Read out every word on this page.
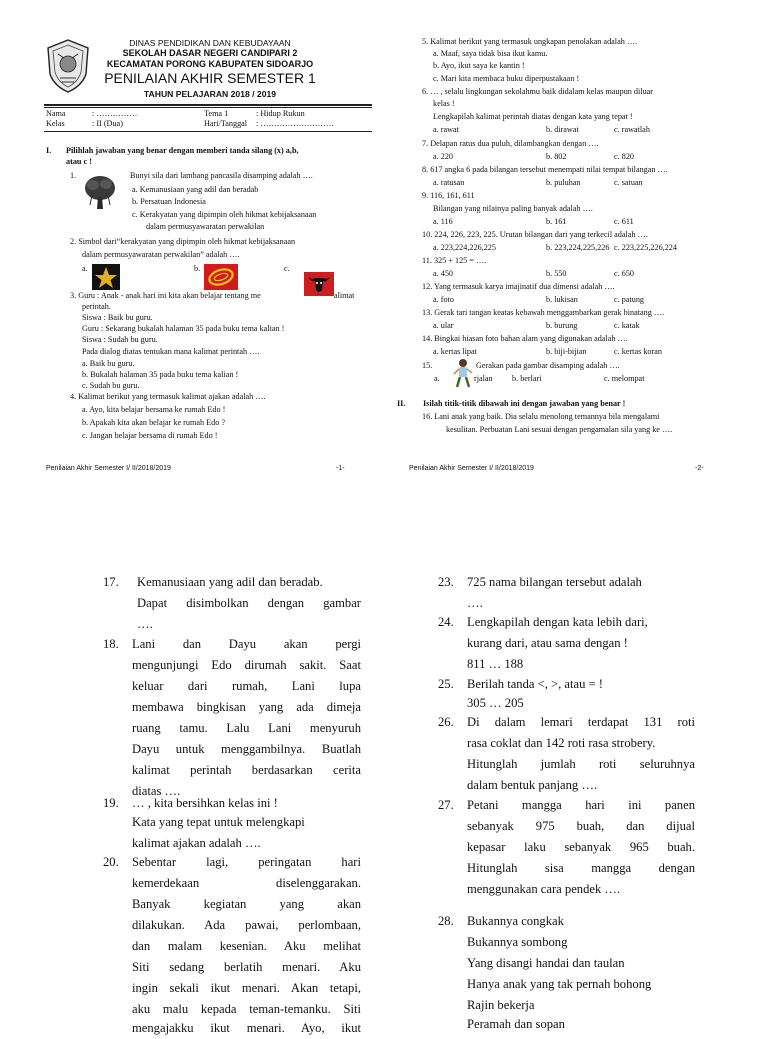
DINAS PENDIDIKAN DAN KEBUDAYAAN
SEKOLAH DASAR NEGERI CANDIPARI 2
KECAMATAN PORONG KABUPATEN SIDOARJO
PENILAIAN AKHIR SEMESTER 1
TAHUN PELAJARAN 2018 / 2019
Nama	: ……………
Kelas	: II (Dua)
Tema 1	: Hidup Rukun
Hari/Tanggal : ………………………
I. Pilihlah jawaban yang benar dengan memberi tanda silang (x) a,b,
atau c !
1.	Bunyi sila dari lambang pancasila disamping adalah ….
a. Kemanusiaan yang adil dan beradab
b. Persatuan Indonesia
c. Kerakyatan yang dipimpin oleh hikmat kebijaksanaan
dalam permusyawaratan perwakilan
2. Simbol dari“kerakyatan yang dipimpin oleh hikmat kebijaksanaan
dalam permusyawaratan perwakilan” adalah ….
a.	b.	c.
3. Guru : Anak - anak hari ini kita akan belajar tentang me	alimat
perintah.
Siswa : Baik bu guru.
Guru : Sekarang bukalah halaman 35 pada buku tema kalian !
Siswa : Sudah bu guru.
Pada dialog diatas tentukan mana kalimat perintah ….
a. Baik bu guru.
b. Bukalah halaman 35 pada buku tema kalian !
c. Sudah bu guru.
4. Kalimat berikut yang termasuk kalimat ajakan adalah ….
a. Ayo, kita belajar bersama ke rumah Edo !
b. Apakah kita akan belajar ke rumah Edo ?
c. Jangan belajar bersama di rumah Edo !
5. Kalimat berikut yang termasuk ungkapan penolakan adalah ….
a. Maaf, saya tidak bisa ikut kamu.
b. Ayo, ikut saya ke kantin !
c. Mari kita membaca buku diperpustakaan !
6. … , selalu lingkungan sekolahmu baik didalam kelas maupun diluar
kelas !
Lengkapilah kalimat perintah diatas dengan kata yang tepat !
a. rawat	b. dirawat	c. rawatlah
7. Delapan ratus dua puluh, dilambangkan dengan ….
a. 220	b. 802	c. 820
8. 617 angka 6 pada bilangan tersebut menempati nilai tempat bilangan ….
a. ratusan	b. puluhan	c. satuan
9. 116, 161, 611
Bilangan yang nilainya paling banyak adalah ….
a. 116	b. 161	c. 611
10. 224, 226, 223, 225. Urutan bilangan dari yang terkecil adalah ….
a. 223,224,226,225	b. 223,224,225,226 c. 223,225,226,224
11. 325 + 125 = ….
a. 450	b. 550	c. 650
12. Yang termasuk karya imajinatif dua dimensi adalah ….
a. foto	b. lukisan	c. patung
13. Gerak tari tangan keatas kebawah menggambarkan gerak binatang ….
a. ular	b. burung	c. katak
14. Bingkai hiasan foto bahan alam yang digunakan adalah ….
a. kertas lipat	b. biji-bijian	c. kertas koran
15.	Gerakan pada gambar disamping adalah ….
a.	rjalan b. berlari	c. melompat
II. Isilah titik-titik dibawah ini dengan jawaban yang benar !
16. Lani anak yang baik. Dia selalu menolong temannya bila mengalami
kesulitan. Perbuatan Lani sesuai dengan pengamalan sila yang ke ….
Penilaian Akhir Semester I/ II/2018/2019	-1-	Penilaian Akhir Semester I/ II/2018/2019	-2-
17. Kemanusiaan yang adil dan beradab.
Dapat disimbolkan dengan gambar
….
18. Lani dan Dayu akan pergi
mengunjungi Edo dirumah sakit. Saat
keluar dari rumah, Lani lupa
membawa bingkisan yang ada dimeja
ruang tamu. Lalu Lani menyuruh
Dayu untuk menggambilnya. Buatlah
kalimat perintah berdasarkan cerita
diatas ….
19. … , kita bersihkan kelas ini !
Kata yang tepat untuk melengkapi
kalimat ajakan adalah ….
20. Sebentar lagi, peringatan hari
kemerdekaan diselenggarakan.
Banyak kegiatan yang akan
dilakukan. Ada pawai, perlombaan,
dan malam kesenian. Aku melihat
Siti sedang berlatih menari. Aku
ingin sekali ikut menari. Akan tetapi,
aku malu kepada teman-temanku. Siti
mengajakku ikut menari. Ayo, ikut
23. 725 nama bilangan tersebut adalah
….
24. Lengkapilah dengan kata lebih dari,
kurang dari, atau sama dengan !
811 … 188
25. Berilah tanda <, >, atau = !
305 … 205
26. Di dalam lemari terdapat 131 roti
rasa coklat dan 142 roti rasa strobery.
Hitunglah jumlah roti seluruhnya
dalam bentuk panjang ….
27. Petani mangga hari ini panen
sebanyak 975 buah, dan dijual
kepasar laku sebanyak 965 buah.
Hitunglah sisa mangga dengan
menggunakan cara pendek ….
28. Bukannya congkak
Bukannya sombong
Yang disangi handai dan taulan
Hanya anak yang tak pernah bohong
Rajin bekerja
Peramah dan sopan
